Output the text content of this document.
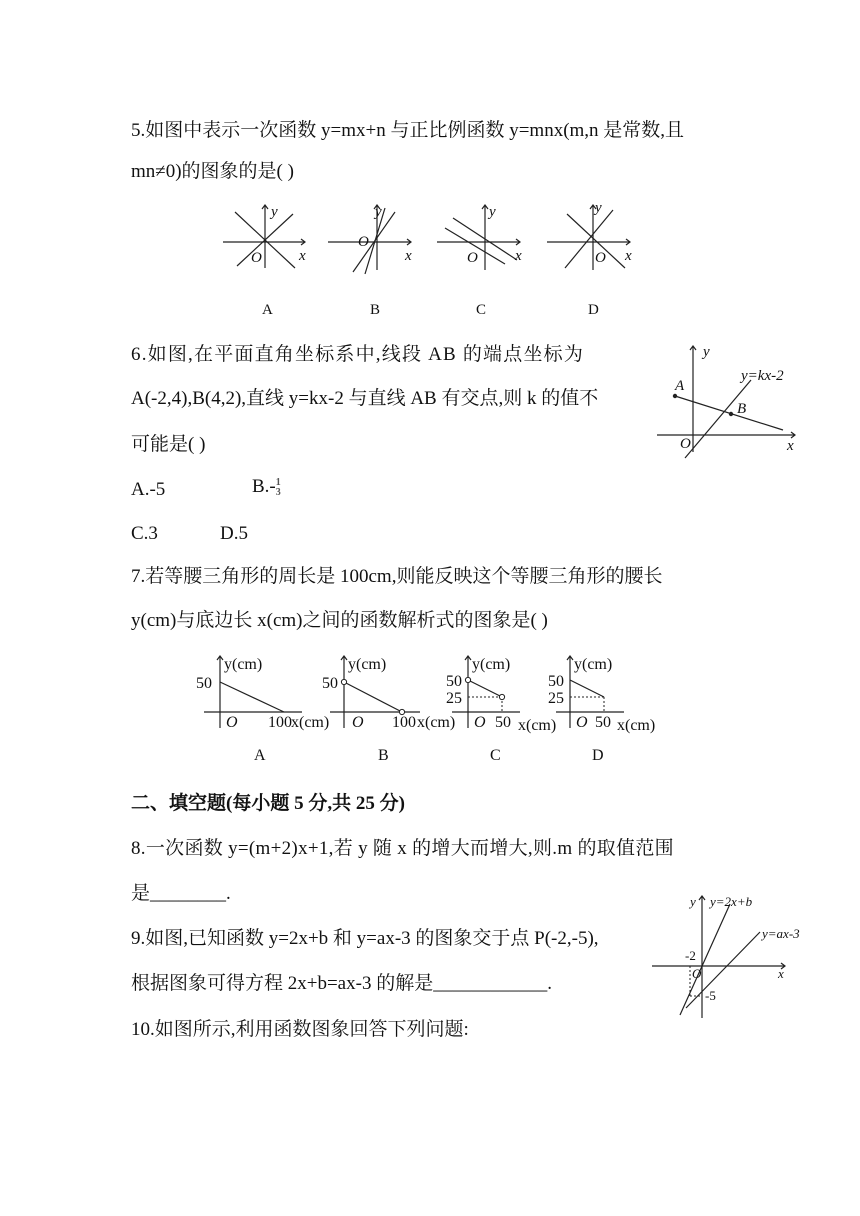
5.如图中表示一次函数 y=mx+n 与正比例函数 y=mnx(m,n 是常数,且
mn≠0)的图象的是( )
y
x
O
A
y
x
O
B
y
x
O
C
y
x
O
D
6.如图,在平面直角坐标系中,线段 AB 的端点坐标为
A(-2,4),B(4,2),直线 y=kx-2 与直线 AB 有交点,则 k 的值不
可能是( )
A.-5	B.- 1
3
C.3	D.5
y
x
O
y=kx-2
A
B
7.若等腰三角形的周长是 100cm,则能反映这个等腰三角形的腰长
y(cm)与底边长 x(cm)之间的函数解析式的图象是( )
y(cm)
50
O 100 x(cm)
A
y(cm)
50
O 100 x(cm)
B
y(cm)
50
25
O 50 x(cm)
C
y(cm)
50
25
O 50 x(cm)
D
二、填空题(每小题 5 分,共 25 分)
8.一次函数 y=(m+2)x+1,若 y 随 x 的增大而增大,则.m 的取值范围
是________.
9.如图,已知函数 y=2x+b 和 y=ax-3 的图象交于点 P(-2,-5),
根据图象可得方程 2x+b=ax-3 的解是____________.
y y=2x+b
y=ax-3
-2
O	x
-5
10.如图所示,利用函数图象回答下列问题:
